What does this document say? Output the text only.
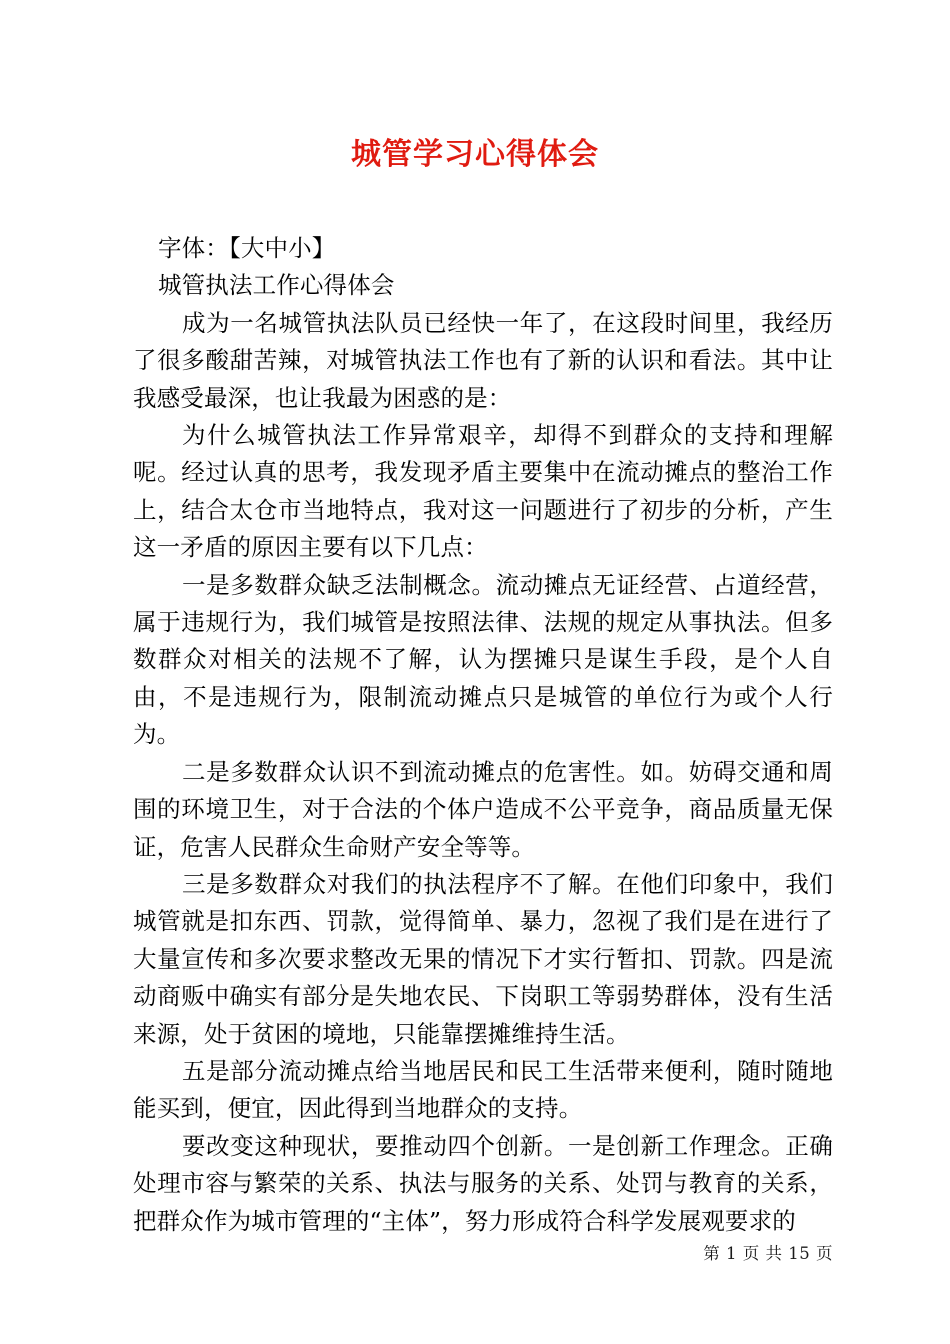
城管学习心得体会

字体：【大中小】

城管执法工作心得体会

成为一名城管执法队员已经快一年了，在这段时间里，我经历了很多酸甜苦辣，对城管执法工作也有了新的认识和看法。其中让我感受最深，也让我最为困惑的是：

为什么城管执法工作异常艰辛，却得不到群众的支持和理解呢。经过认真的思考，我发现矛盾主要集中在流动摊点的整治工作上，结合太仓市当地特点，我对这一问题进行了初步的分析，产生这一矛盾的原因主要有以下几点：

一是多数群众缺乏法制概念。流动摊点无证经营、占道经营，属于违规行为，我们城管是按照法律、法规的规定从事执法。但多数群众对相关的法规不了解，认为摆摊只是谋生手段，是个人自由，不是违规行为，限制流动摊点只是城管的单位行为或个人行为。

二是多数群众认识不到流动摊点的危害性。如。妨碍交通和周围的环境卫生，对于合法的个体户造成不公平竞争，商品质量无保证，危害人民群众生命财产安全等等。

三是多数群众对我们的执法程序不了解。在他们印象中，我们城管就是扣东西、罚款，觉得简单、暴力，忽视了我们是在进行了大量宣传和多次要求整改无果的情况下才实行暂扣、罚款。四是流动商贩中确实有部分是失地农民、下岗职工等弱势群体，没有生活来源，处于贫困的境地，只能靠摆摊维持生活。

五是部分流动摊点给当地居民和民工生活带来便利，随时随地能买到，便宜，因此得到当地群众的支持。

要改变这种现状，要推动四个创新。一是创新工作理念。正确处理市容与繁荣的关系、执法与服务的关系、处罚与教育的关系，把群众作为城市管理的“主体”，努力形成符合科学发展观要求的

第 1 页 共 15 页
